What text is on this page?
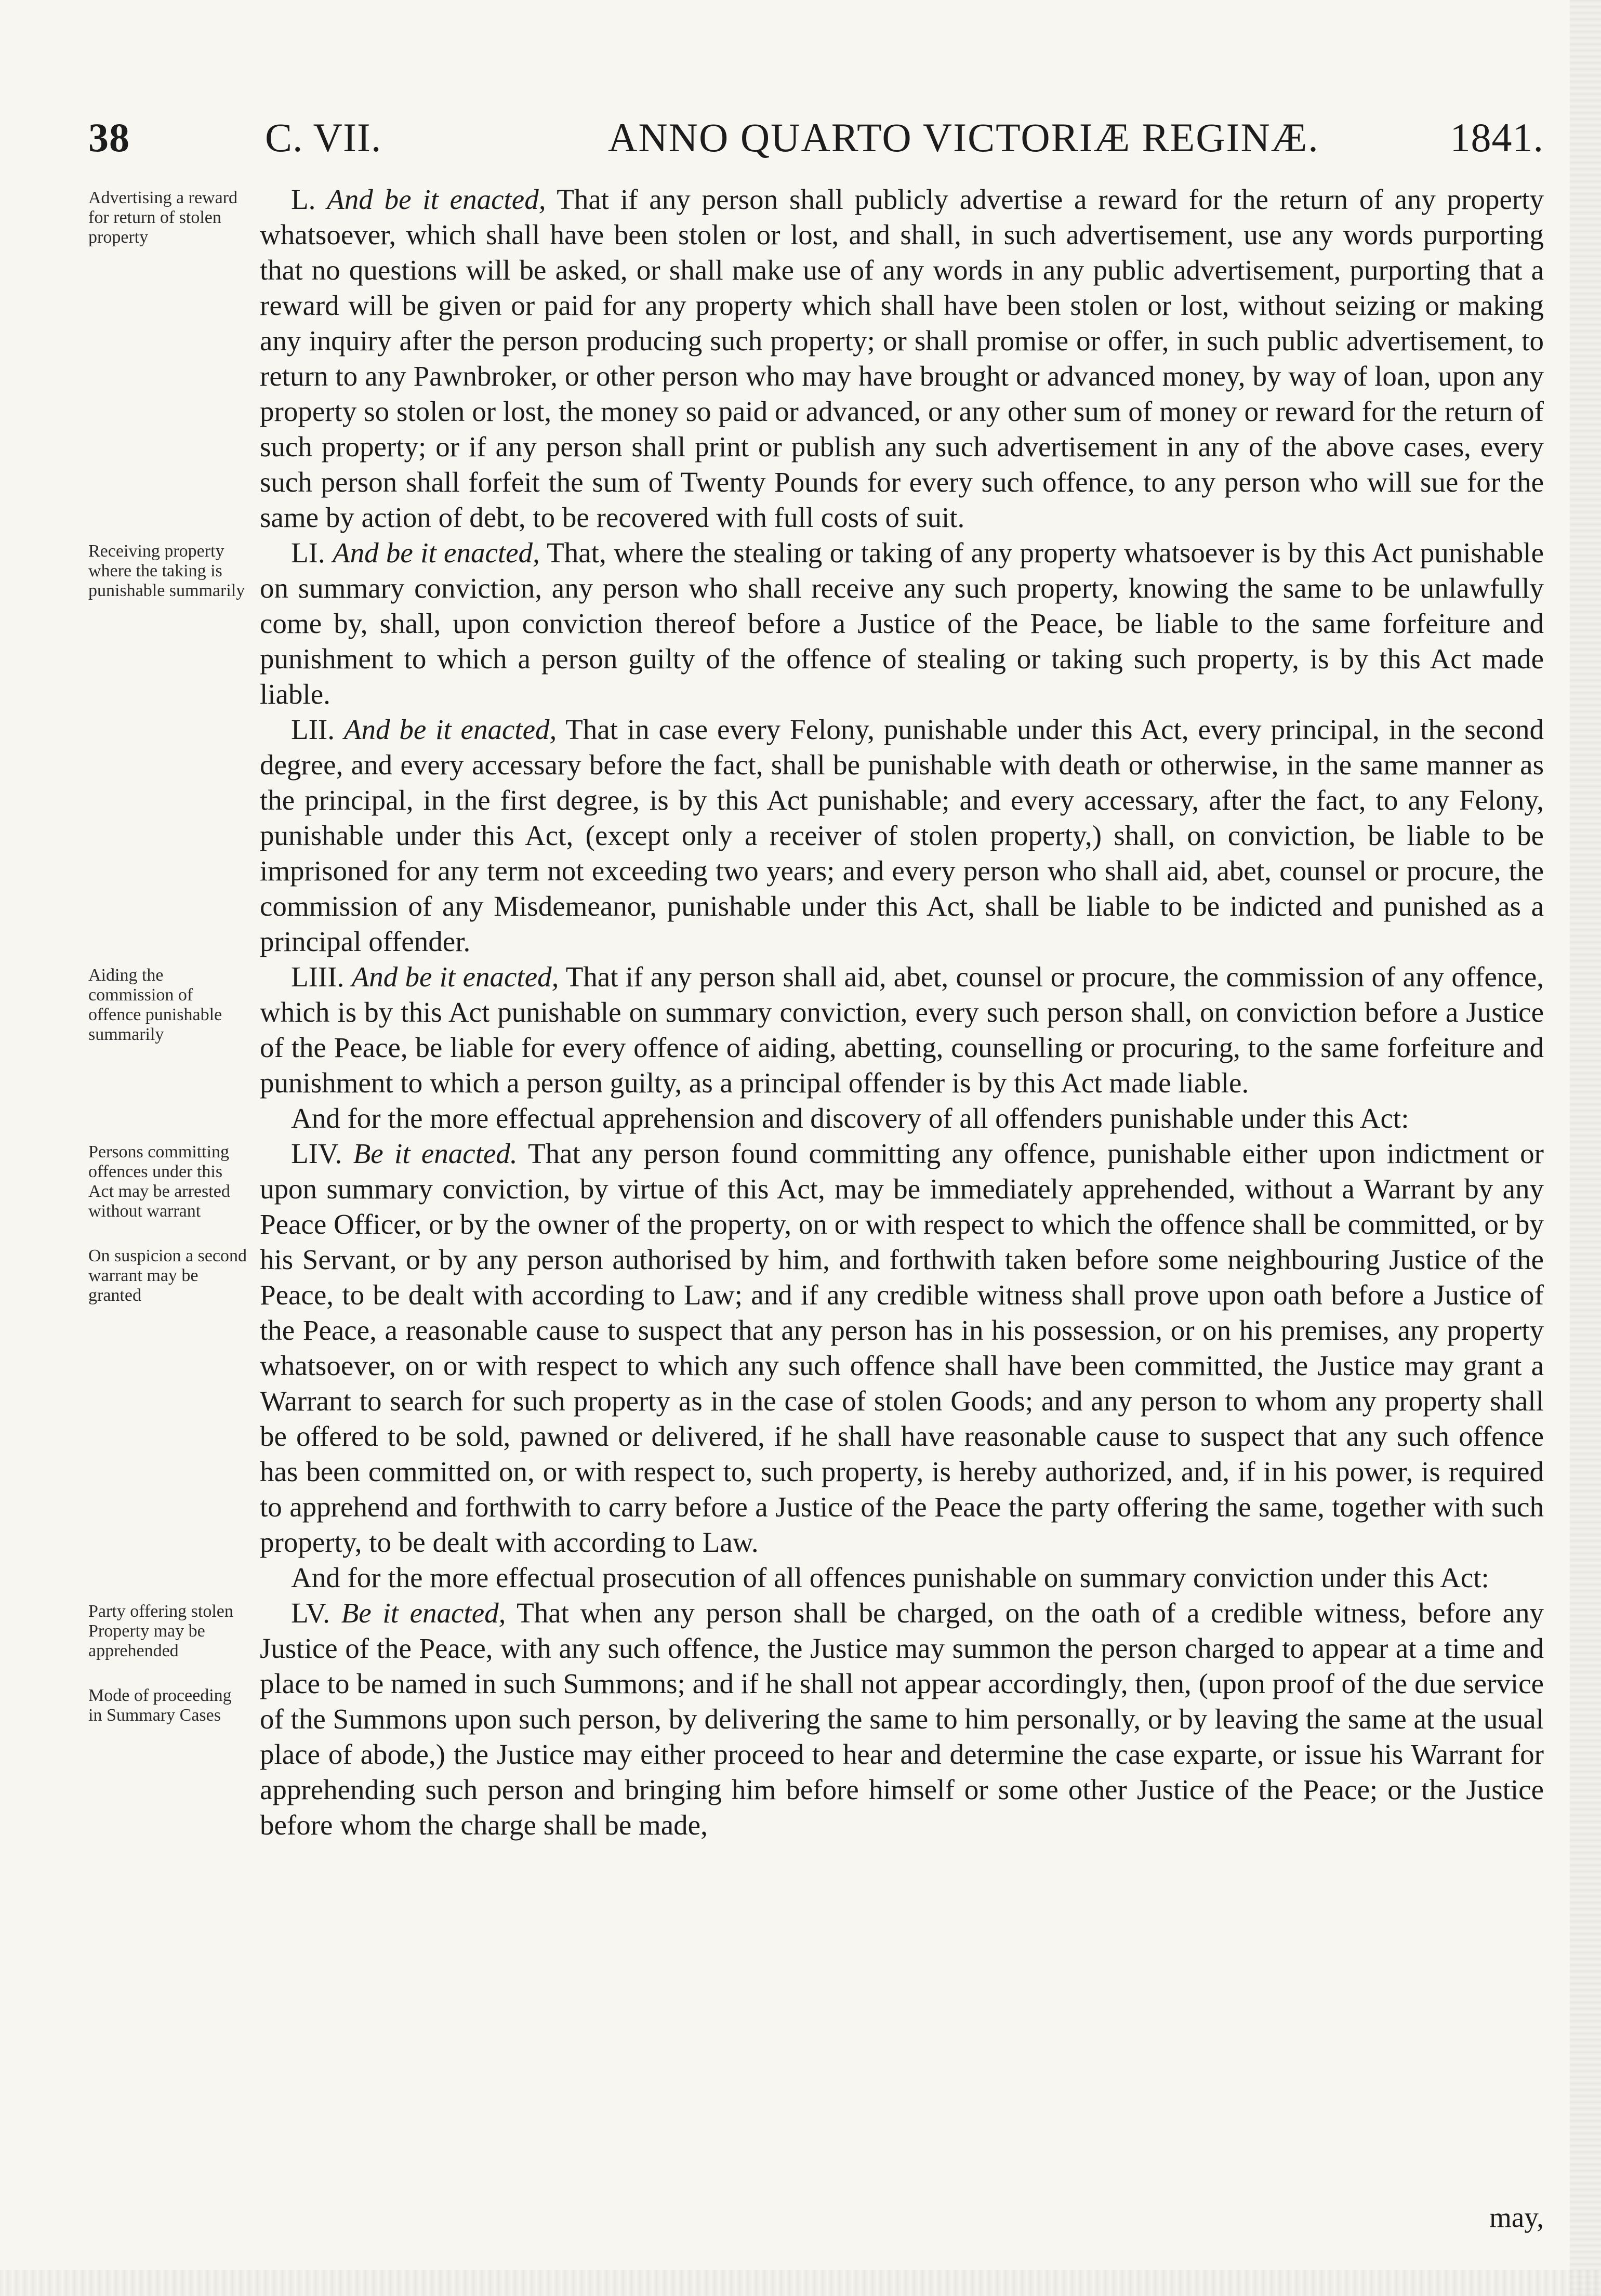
38	C. VII.	ANNO QUARTO VICTORIÆ REGINÆ.	1841.
Advertising a reward for return of stolen property

L. And be it enacted, That if any person shall publicly advertise a reward for the return of any property whatsoever, which shall have been stolen or lost, and shall, in such advertisement, use any words purporting that no questions will be asked, or shall make use of any words in any public advertisement, purporting that a reward will be given or paid for any property which shall have been stolen or lost, without seizing or making any inquiry after the person producing such property; or shall promise or offer, in such public advertisement, to return to any Pawnbroker, or other person who may have brought or advanced money, by way of loan, upon any property so stolen or lost, the money so paid or advanced, or any other sum of money or reward for the return of such property; or if any person shall print or publish any such advertisement in any of the above cases, every such person shall forfeit the sum of Twenty Pounds for every such offence, to any person who will sue for the same by action of debt, to be recovered with full costs of suit.

Receiving property where the taking is punishable summarily

LI. And be it enacted, That, where the stealing or taking of any property whatsoever is by this Act punishable on summary conviction, any person who shall receive any such property, knowing the same to be unlawfully come by, shall, upon conviction thereof before a Justice of the Peace, be liable to the same forfeiture and punishment to which a person guilty of the offence of stealing or taking such property, is by this Act made liable.

LII. And be it enacted, That in case every Felony, punishable under this Act, every principal, in the second degree, and every accessary before the fact, shall be punishable with death or otherwise, in the same manner as the principal, in the first degree, is by this Act punishable; and every accessary, after the fact, to any Felony, punishable under this Act, (except only a receiver of stolen property,) shall, on conviction, be liable to be imprisoned for any term not exceeding two years; and every person who shall aid, abet, counsel or procure, the commission of any Misdemeanor, punishable under this Act, shall be liable to be indicted and punished as a principal offender.

Aiding the commission of offence punishable summarily

LIII. And be it enacted, That if any person shall aid, abet, counsel or procure, the commission of any offence, which is by this Act punishable on summary conviction, every such person shall, on conviction before a Justice of the Peace, be liable for every offence of aiding, abetting, counselling or procuring, to the same forfeiture and punishment to which a person guilty, as a principal offender is by this Act made liable.

And for the more effectual apprehension and discovery of all offenders punishable under this Act:

Persons committing offences under this Act may be arrested without warrant
On suspicion a second warrant may be granted

LIV. Be it enacted. That any person found committing any offence, punishable either upon indictment or upon summary conviction, by virtue of this Act, may be immediately apprehended, without a Warrant by any Peace Officer, or by the owner of the property, on or with respect to which the offence shall be committed, or by his Servant, or by any person authorised by him, and forthwith taken before some neighbouring Justice of the Peace, to be dealt with according to Law; and if any credible witness shall prove upon oath before a Justice of the Peace, a reasonable cause to suspect that any person has in his possession, or on his premises, any property whatsoever, on or with respect to which any such offence shall have been committed, the Justice may grant a Warrant to search for such property as in the case of stolen Goods; and any person to whom any property shall be offered to be sold, pawned or delivered, if he shall have reasonable cause to suspect that any such offence has been committed on, or with respect to, such property, is hereby authorized, and, if in his power, is required to apprehend and forthwith to carry before a Justice of the Peace the party offering the same, together with such property, to be dealt with according to Law.

And for the more effectual prosecution of all offences punishable on summary conviction under this Act:

Party offering stolen Property may be apprehended
Mode of proceeding in Summary Cases

LV. Be it enacted, That when any person shall be charged, on the oath of a credible witness, before any Justice of the Peace, with any such offence, the Justice may summon the person charged to appear at a time and place to be named in such Summons; and if he shall not appear accordingly, then, (upon proof of the due service of the Summons upon such person, by delivering the same to him personally, or by leaving the same at the usual place of abode,) the Justice may either proceed to hear and determine the case exparte, or issue his Warrant for apprehending such person and bringing him before himself or some other Justice of the Peace; or the Justice before whom the charge shall be made,

may,
